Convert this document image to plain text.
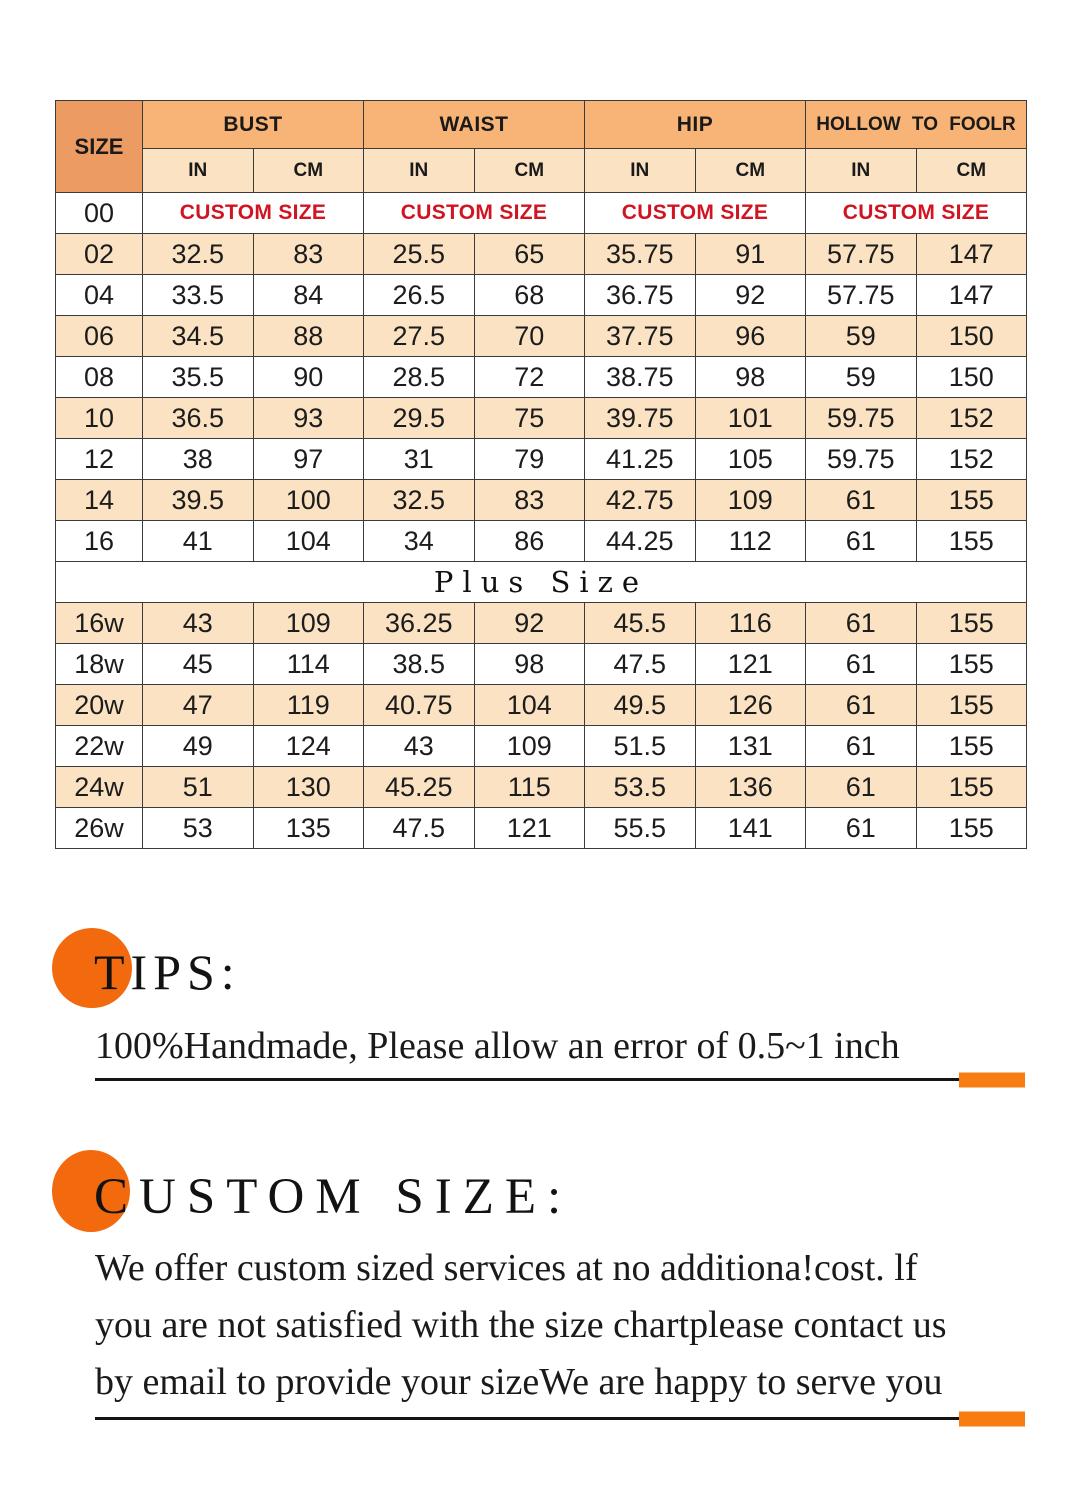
SIZE	BUST		WAIST		HIP		HOLLOW TO FOOLR	
	IN	CM	IN	CM	IN	CM	IN	CM
00	CUSTOM SIZE		CUSTOM SIZE		CUSTOM SIZE		CUSTOM SIZE	
02	32.5	83	25.5	65	35.75	91	57.75	147
04	33.5	84	26.5	68	36.75	92	57.75	147
06	34.5	88	27.5	70	37.75	96	59	150
08	35.5	90	28.5	72	38.75	98	59	150
10	36.5	93	29.5	75	39.75	101	59.75	152
12	38	97	31	79	41.25	105	59.75	152
14	39.5	100	32.5	83	42.75	109	61	155
16	41	104	34	86	44.25	112	61	155
Plus Size								
16w	43	109	36.25	92	45.5	116	61	155
18w	45	114	38.5	98	47.5	121	61	155
20w	47	119	40.75	104	49.5	126	61	155
22w	49	124	43	109	51.5	131	61	155
24w	51	130	45.25	115	53.5	136	61	155
26w	53	135	47.5	121	55.5	141	61	155
TIPS:

100%Handmade, Please allow an error of 0.5~1 inch

CUSTOM SIZE:

We offer custom sized services at no additiona!cost. lf
you are not satisfied with the size chartplease contact us
by email to provide your sizeWe are happy to serve you
